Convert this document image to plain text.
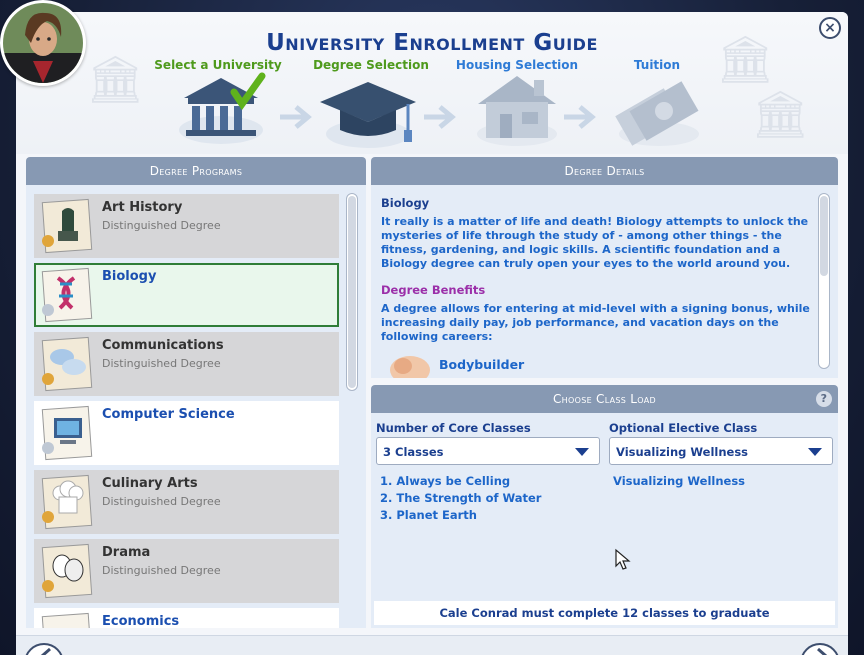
🏛	🏛
🏛
University Enrollment Guide
×
Select a University	Degree Selection	Housing Selection	Tuition
Degree Programs
Art History
Distinguished Degree
Biology
Communications
Distinguished Degree
Computer Science
Culinary Arts
Distinguished Degree
Drama
Distinguished Degree
Economics
Degree Details
Biology
It really is a matter of life and death! Biology attempts to unlock the mysteries of life through the study of - among other things - the fitness, gardening, and logic skills. A scientific foundation and a Biology degree can truly open your eyes to the world around you.
Degree Benefits
A degree allows for entering at mid-level with a signing bonus, while increasing daily pay, job performance, and vacation days on the following careers:
Bodybuilder
Choose Class Load	?
Number of Core Classes
3 Classes
Optional Elective Class
Visualizing Wellness
1. Always be Celling
2. The Strength of Water
3. Planet Earth
Visualizing Wellness
Cale Conrad must complete 12 classes to graduate
